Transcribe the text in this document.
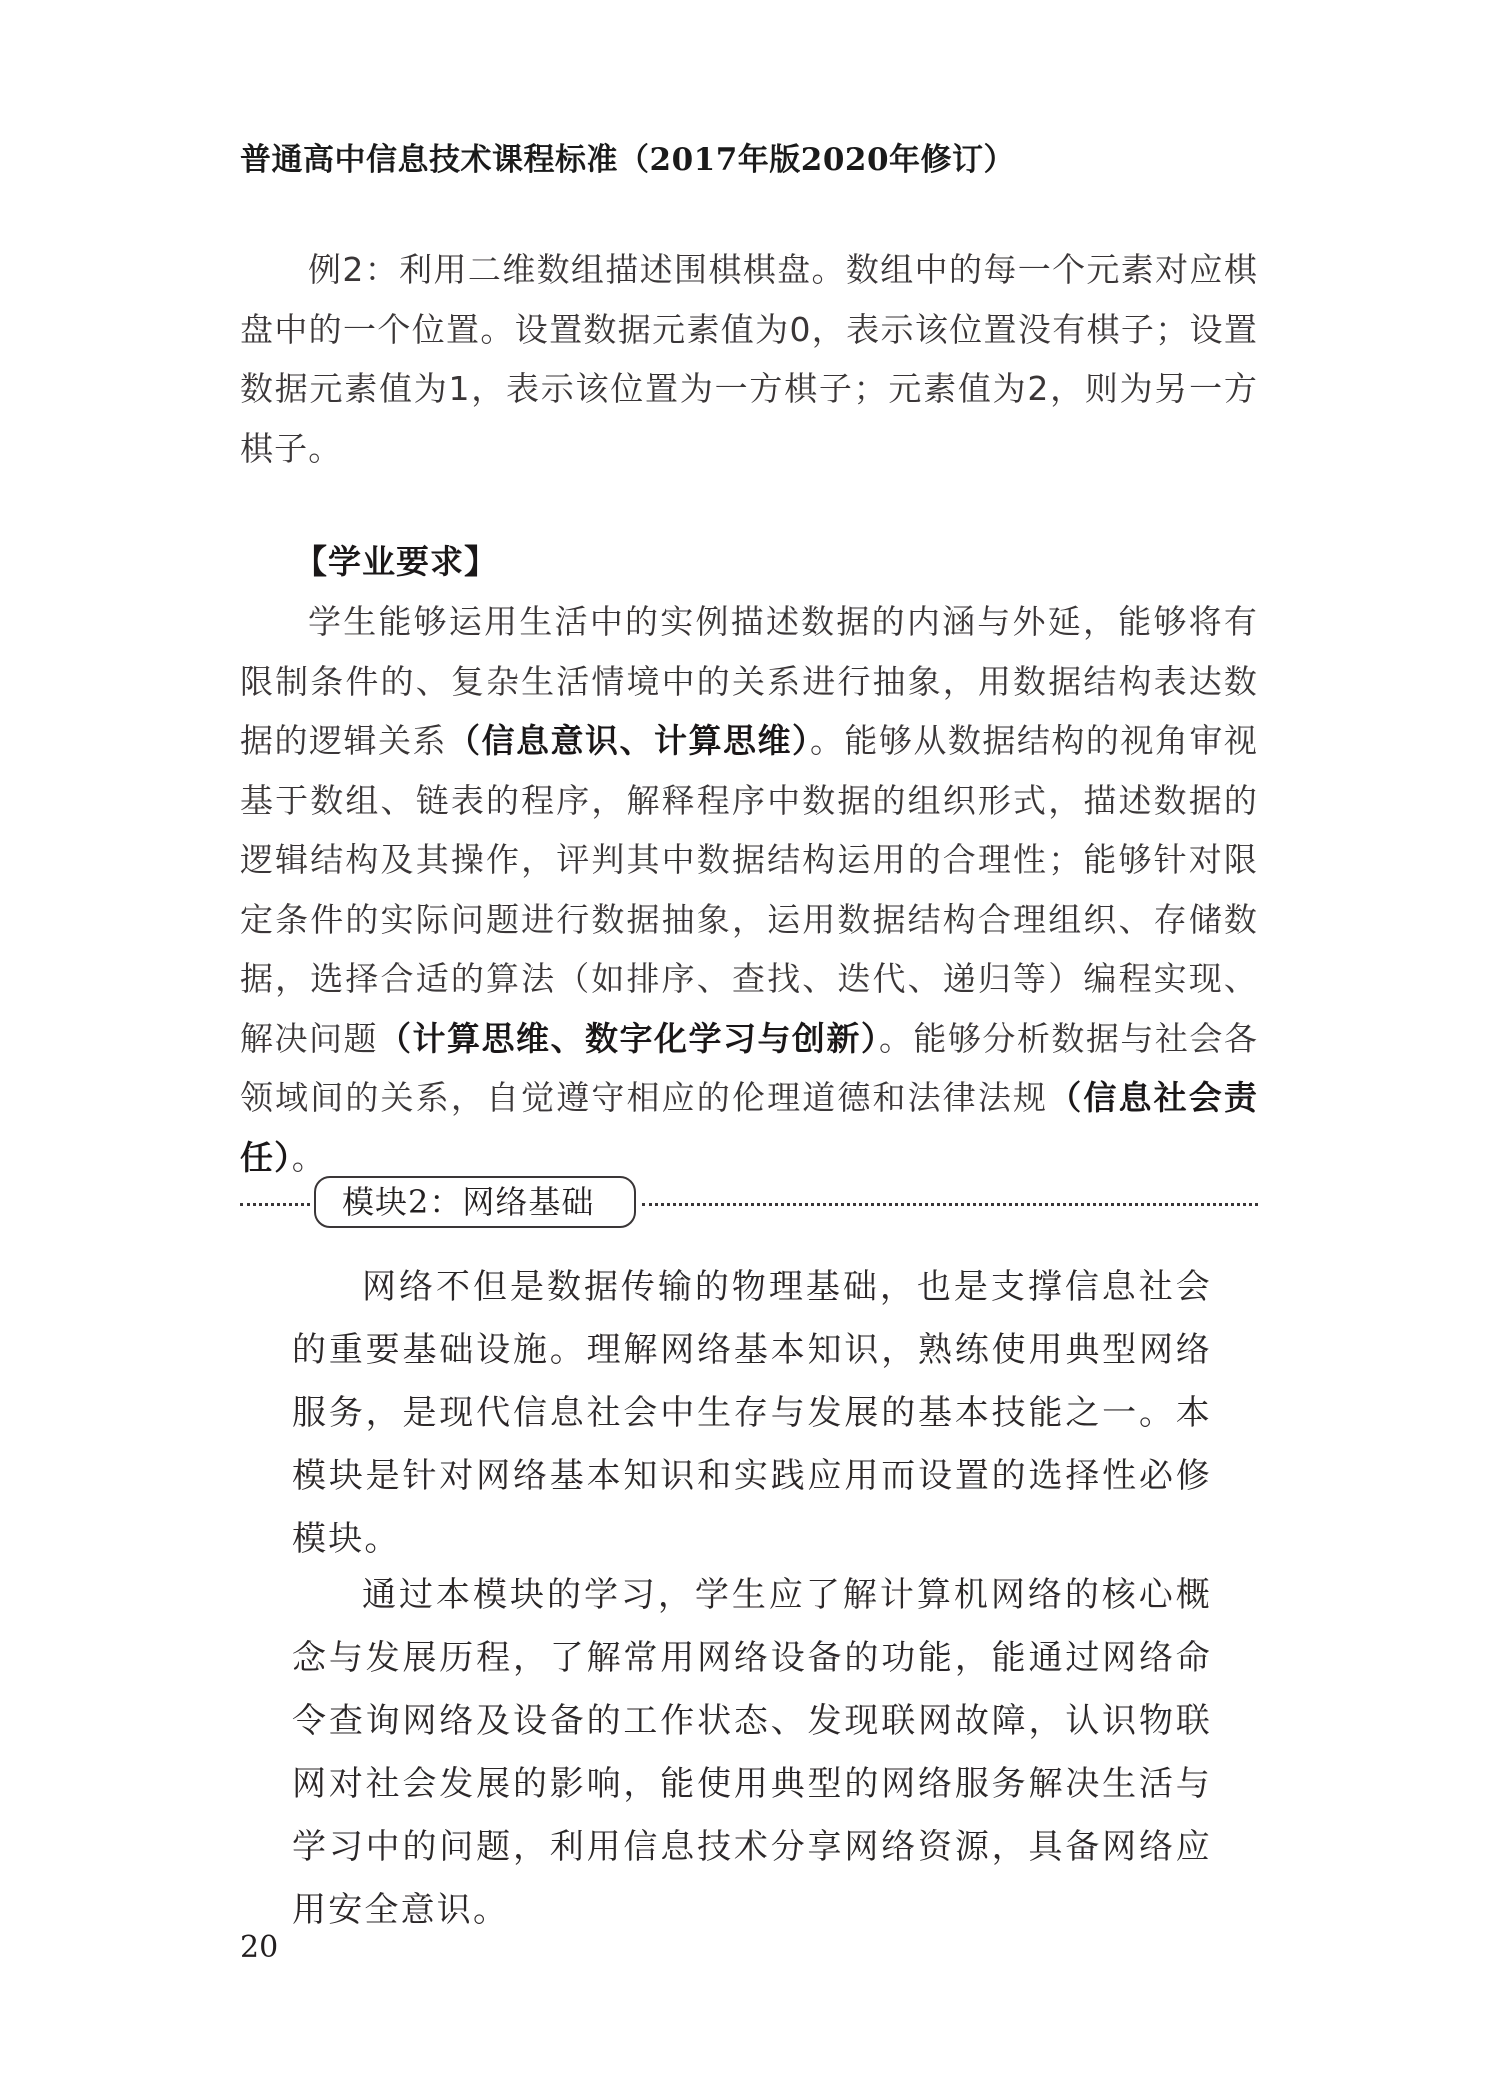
普通高中信息技术课程标准（2017年版2020年修订）

例2：利用二维数组描述围棋棋盘。数组中的每一个元素对应棋盘中的一个位置。设置数据元素值为0，表示该位置没有棋子；设置数据元素值为1，表示该位置为一方棋子；元素值为2，则为另一方棋子。

【学业要求】

学生能够运用生活中的实例描述数据的内涵与外延，能够将有限制条件的、复杂生活情境中的关系进行抽象，用数据结构表达数据的逻辑关系（信息意识、计算思维）。能够从数据结构的视角审视基于数组、链表的程序，解释程序中数据的组织形式，描述数据的逻辑结构及其操作，评判其中数据结构运用的合理性；能够针对限定条件的实际问题进行数据抽象，运用数据结构合理组织、存储数据，选择合适的算法（如排序、查找、迭代、递归等）编程实现、解决问题（计算思维、数字化学习与创新）。能够分析数据与社会各领域间的关系，自觉遵守相应的伦理道德和法律法规（信息社会责任）。

模块2：网络基础

网络不但是数据传输的物理基础，也是支撑信息社会的重要基础设施。理解网络基本知识，熟练使用典型网络服务，是现代信息社会中生存与发展的基本技能之一。本模块是针对网络基本知识和实践应用而设置的选择性必修模块。

通过本模块的学习，学生应了解计算机网络的核心概念与发展历程，了解常用网络设备的功能，能通过网络命令查询网络及设备的工作状态、发现联网故障，认识物联网对社会发展的影响，能使用典型的网络服务解决生活与学习中的问题，利用信息技术分享网络资源，具备网络应用安全意识。

20
